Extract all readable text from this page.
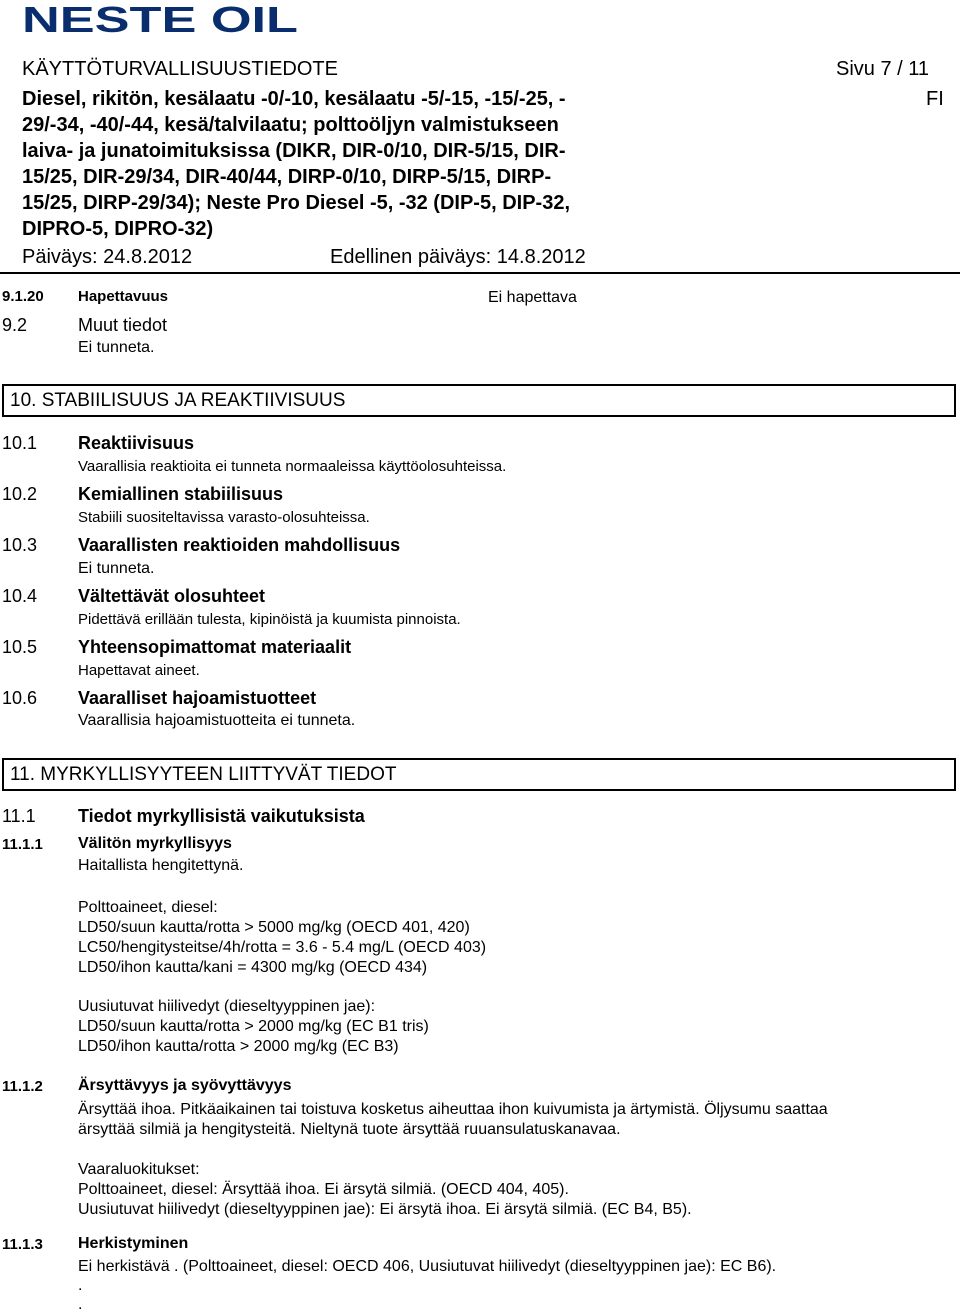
NESTE OIL
KÄYTTÖTURVALLISUUSTIEDOTE	Sivu 7 / 11
FI
Diesel, rikitön, kesälaatu -0/-10, kesälaatu -5/-15, -15/-25, -
29/-34, -40/-44, kesä/talvilaatu; polttoöljyn valmistukseen
laiva- ja junatoimituksissa (DIKR, DIR-0/10, DIR-5/15, DIR-
15/25, DIR-29/34, DIR-40/44, DIRP-0/10, DIRP-5/15, DIRP-
15/25, DIRP-29/34); Neste Pro Diesel -5, -32 (DIP-5, DIP-32,
DIPRO-5, DIPRO-32)
Päiväys: 24.8.2012	Edellinen päiväys: 14.8.2012
9.1.20 Hapettavuus	Ei hapettava
9.2	Muut tiedot
Ei tunneta.
10. STABIILISUUS JA REAKTIIVISUUS
10.1 Reaktiivisuus
Vaarallisia reaktioita ei tunneta normaaleissa käyttöolosuhteissa.
10.2 Kemiallinen stabiilisuus
Stabiili suositeltavissa varasto-olosuhteissa.
10.3 Vaarallisten reaktioiden mahdollisuus
Ei tunneta.
10.4 Vältettävät olosuhteet
Pidettävä erillään tulesta, kipinöistä ja kuumista pinnoista.
10.5 Yhteensopimattomat materiaalit
Hapettavat aineet.
10.6 Vaaralliset hajoamistuotteet
Vaarallisia hajoamistuotteita ei tunneta.
11. MYRKYLLISYYTEEN LIITTYVÄT TIEDOT
11.1 Tiedot myrkyllisistä vaikutuksista
11.1.1 Välitön myrkyllisyys
Haitallista hengitettynä.
Polttoaineet, diesel:
LD50/suun kautta/rotta > 5000 mg/kg (OECD 401, 420)
LC50/hengitysteitse/4h/rotta = 3.6 - 5.4 mg/L (OECD 403)
LD50/ihon kautta/kani = 4300 mg/kg (OECD 434)
Uusiutuvat hiilivedyt (dieseltyyppinen jae):
LD50/suun kautta/rotta > 2000 mg/kg (EC B1 tris)
LD50/ihon kautta/rotta > 2000 mg/kg (EC B3)
11.1.2 Ärsyttävyys ja syövyttävyys
Ärsyttää ihoa. Pitkäaikainen tai toistuva kosketus aiheuttaa ihon kuivumista ja ärtymistä. Öljysumu saattaa
ärsyttää silmiä ja hengitysteitä. Nieltynä tuote ärsyttää ruuansulatuskanavaa.
Vaaraluokitukset:
Polttoaineet, diesel: Ärsyttää ihoa. Ei ärsytä silmiä. (OECD 404, 405).
Uusiutuvat hiilivedyt (dieseltyyppinen jae): Ei ärsytä ihoa. Ei ärsytä silmiä. (EC B4, B5).
11.1.3 Herkistyminen
Ei herkistävä . (Polttoaineet, diesel: OECD 406, Uusiutuvat hiilivedyt (dieseltyyppinen jae): EC B6).
.
.
